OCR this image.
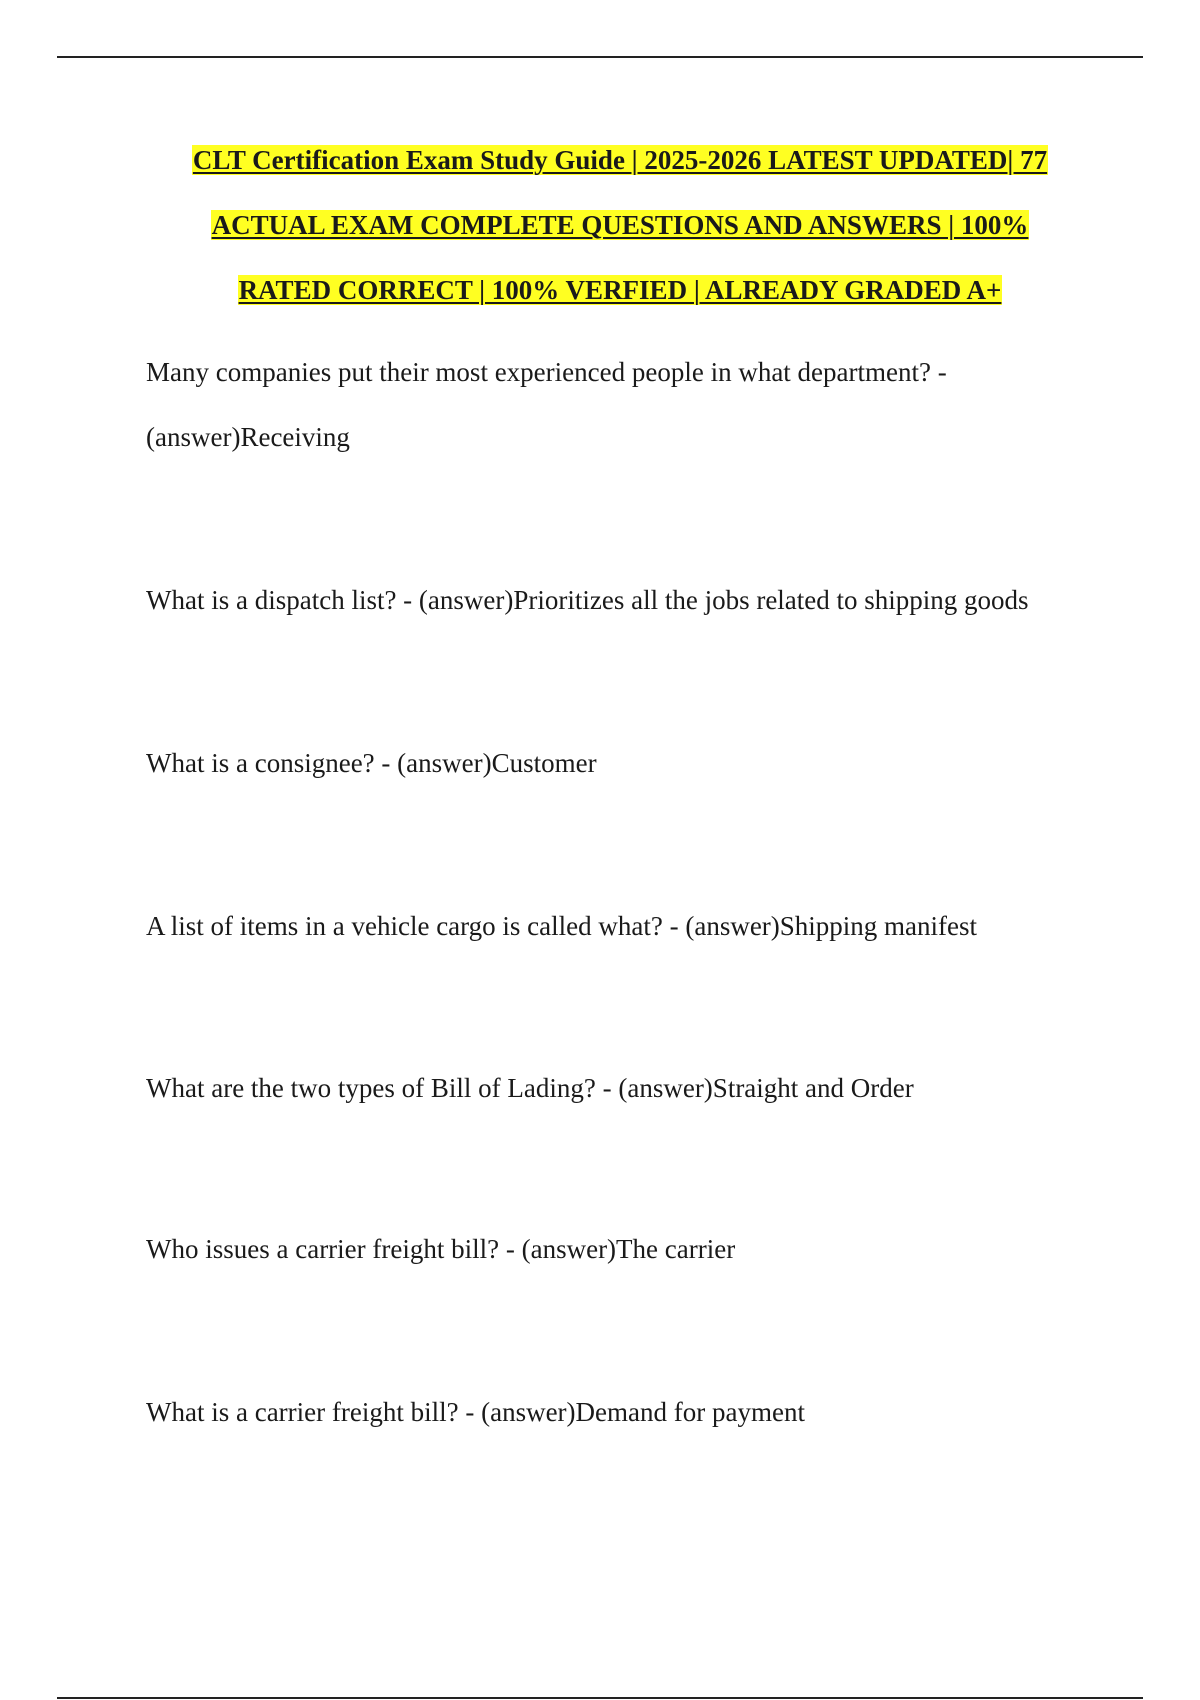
CLT Certification Exam Study Guide | 2025-2026 LATEST UPDATED| 77
ACTUAL EXAM COMPLETE QUESTIONS AND ANSWERS | 100%
RATED CORRECT | 100% VERFIED | ALREADY GRADED A+
Many companies put their most experienced people in what department? -
(answer)Receiving
What is a dispatch list? - (answer)Prioritizes all the jobs related to shipping goods
What is a consignee? - (answer)Customer
A list of items in a vehicle cargo is called what? - (answer)Shipping manifest
What are the two types of Bill of Lading? - (answer)Straight and Order
Who issues a carrier freight bill? - (answer)The carrier
What is a carrier freight bill? - (answer)Demand for payment
